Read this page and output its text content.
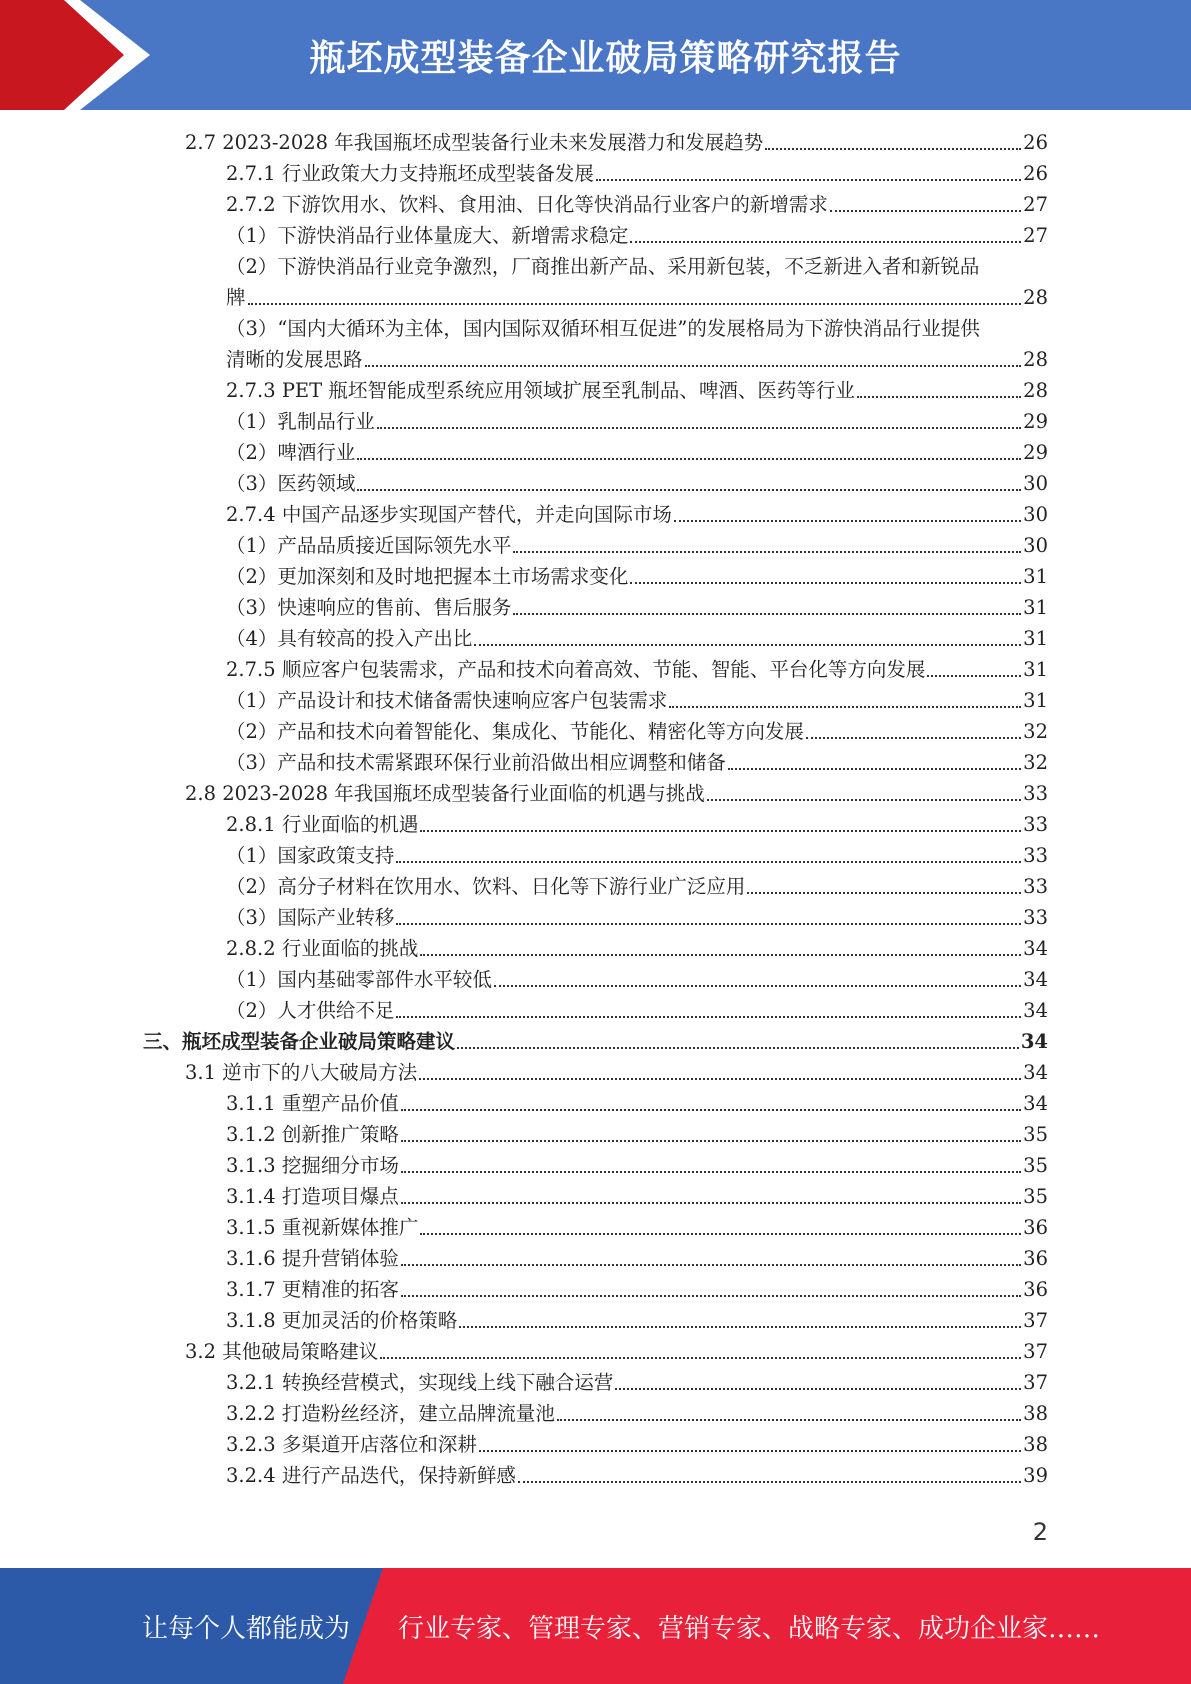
瓶坯成型装备企业破局策略研究报告
2.7 2023-2028 年我国瓶坯成型装备行业未来发展潜力和发展趋势	26
2.7.1 行业政策大力支持瓶坯成型装备发展	26
2.7.2 下游饮用水、饮料、食用油、日化等快消品行业客户的新增需求	27
（1）下游快消品行业体量庞大、新增需求稳定	27
（2）下游快消品行业竞争激烈，厂商推出新产品、采用新包装，不乏新进入者和新锐品
牌	28
（3）“国内大循环为主体，国内国际双循环相互促进”的发展格局为下游快消品行业提供
清晰的发展思路	28
2.7.3 PET 瓶坯智能成型系统应用领域扩展至乳制品、啤酒、医药等行业	28
（1）乳制品行业	29
（2）啤酒行业	29
（3）医药领域	30
2.7.4 中国产品逐步实现国产替代，并走向国际市场	30
（1）产品品质接近国际领先水平	30
（2）更加深刻和及时地把握本土市场需求变化	31
（3）快速响应的售前、售后服务	31
（4）具有较高的投入产出比	31
2.7.5 顺应客户包装需求，产品和技术向着高效、节能、智能、平台化等方向发展	31
（1）产品设计和技术储备需快速响应客户包装需求	31
（2）产品和技术向着智能化、集成化、节能化、精密化等方向发展	32
（3）产品和技术需紧跟环保行业前沿做出相应调整和储备	32
2.8 2023-2028 年我国瓶坯成型装备行业面临的机遇与挑战	33
2.8.1 行业面临的机遇	33
（1）国家政策支持	33
（2）高分子材料在饮用水、饮料、日化等下游行业广泛应用	33
（3）国际产业转移	33
2.8.2 行业面临的挑战	34
（1）国内基础零部件水平较低	34
（2）人才供给不足	34
三、瓶坯成型装备企业破局策略建议	34
3.1 逆市下的八大破局方法	34
3.1.1 重塑产品价值	34
3.1.2 创新推广策略	35
3.1.3 挖掘细分市场	35
3.1.4 打造项目爆点	35
3.1.5 重视新媒体推广	36
3.1.6 提升营销体验	36
3.1.7 更精准的拓客	36
3.1.8 更加灵活的价格策略	37
3.2 其他破局策略建议	37
3.2.1 转换经营模式，实现线上线下融合运营	37
3.2.2 打造粉丝经济，建立品牌流量池	38
3.2.3 多渠道开店落位和深耕	38
3.2.4 进行产品迭代，保持新鲜感	39
2
让每个人都能成为 行业专家、管理专家、营销专家、战略专家、成功企业家……
